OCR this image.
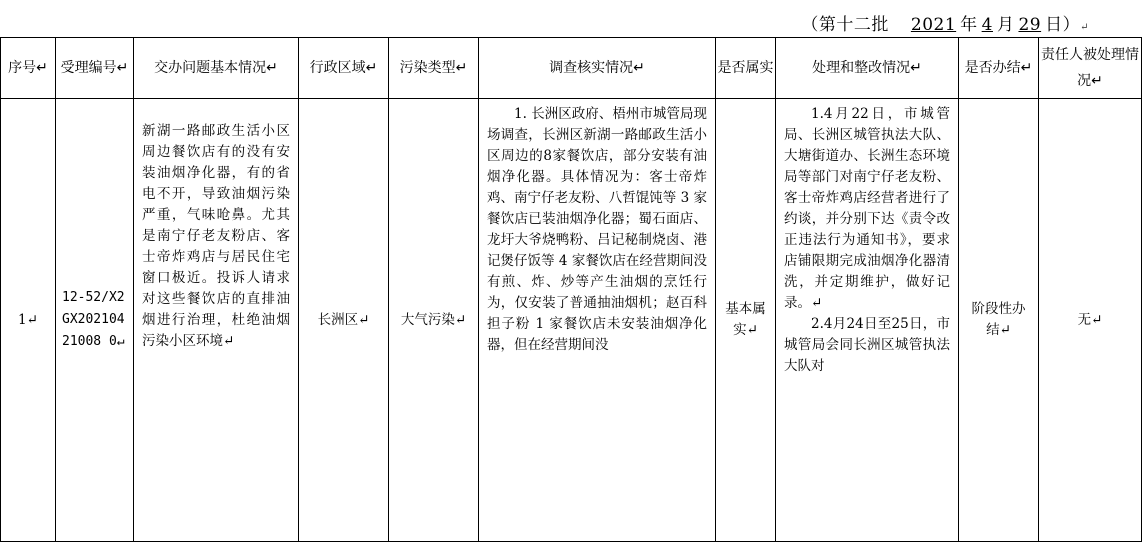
（第十二批 2021 年 4 月 29 日）↵
序号↵	受理编号↵	交办问题基本情况↵	行政区域↵	污染类型↵	调查核实情况↵	是否属实	处理和整改情况↵	是否办结↵	责任人被处理情况↵
1↵	12-52/X2GX20210421008 0↵	新湖一路邮政生活小区周边餐饮店有的没有安装油烟净化器，有的省电不开，导致油烟污染严重，气味呛鼻。尤其是南宁仔老友粉店、客士帝炸鸡店与居民住宅窗口极近。投诉人请求对这些餐饮店的直排油烟进行治理，杜绝油烟污染小区环境↵	长洲区↵	大气污染↵	1. 长洲区政府、梧州市城管局现场调查，长洲区新湖一路邮政生活小区周边的8家餐饮店，部分安装有油烟净化器。具体情况为：客士帝炸鸡、南宁仔老友粉、八哲馄饨等 3 家餐饮店已装油烟净化器；蜀石面店、龙圩大爷烧鸭粉、吕记秘制烧卤、港记煲仔饭等 4 家餐饮店在经营期间没有煎、炸、炒等产生油烟的烹饪行为，仅安装了普通抽油烟机；赵百科担子粉 1 家餐饮店未安装油烟净化器，但在经营期间没	基本属实↵	1.4月22日，市城管局、长洲区城管执法大队、大塘街道办、长洲生态环境局等部门对南宁仔老友粉、客士帝炸鸡店经营者进行了约谈，并分别下达《责令改正违法行为通知书》，要求店铺限期完成油烟净化器清洗，并定期维护，做好记录。↵

2.4月24日至25日，市城管局会同长洲区城管执法大队对	阶段性办结↵	无↵
